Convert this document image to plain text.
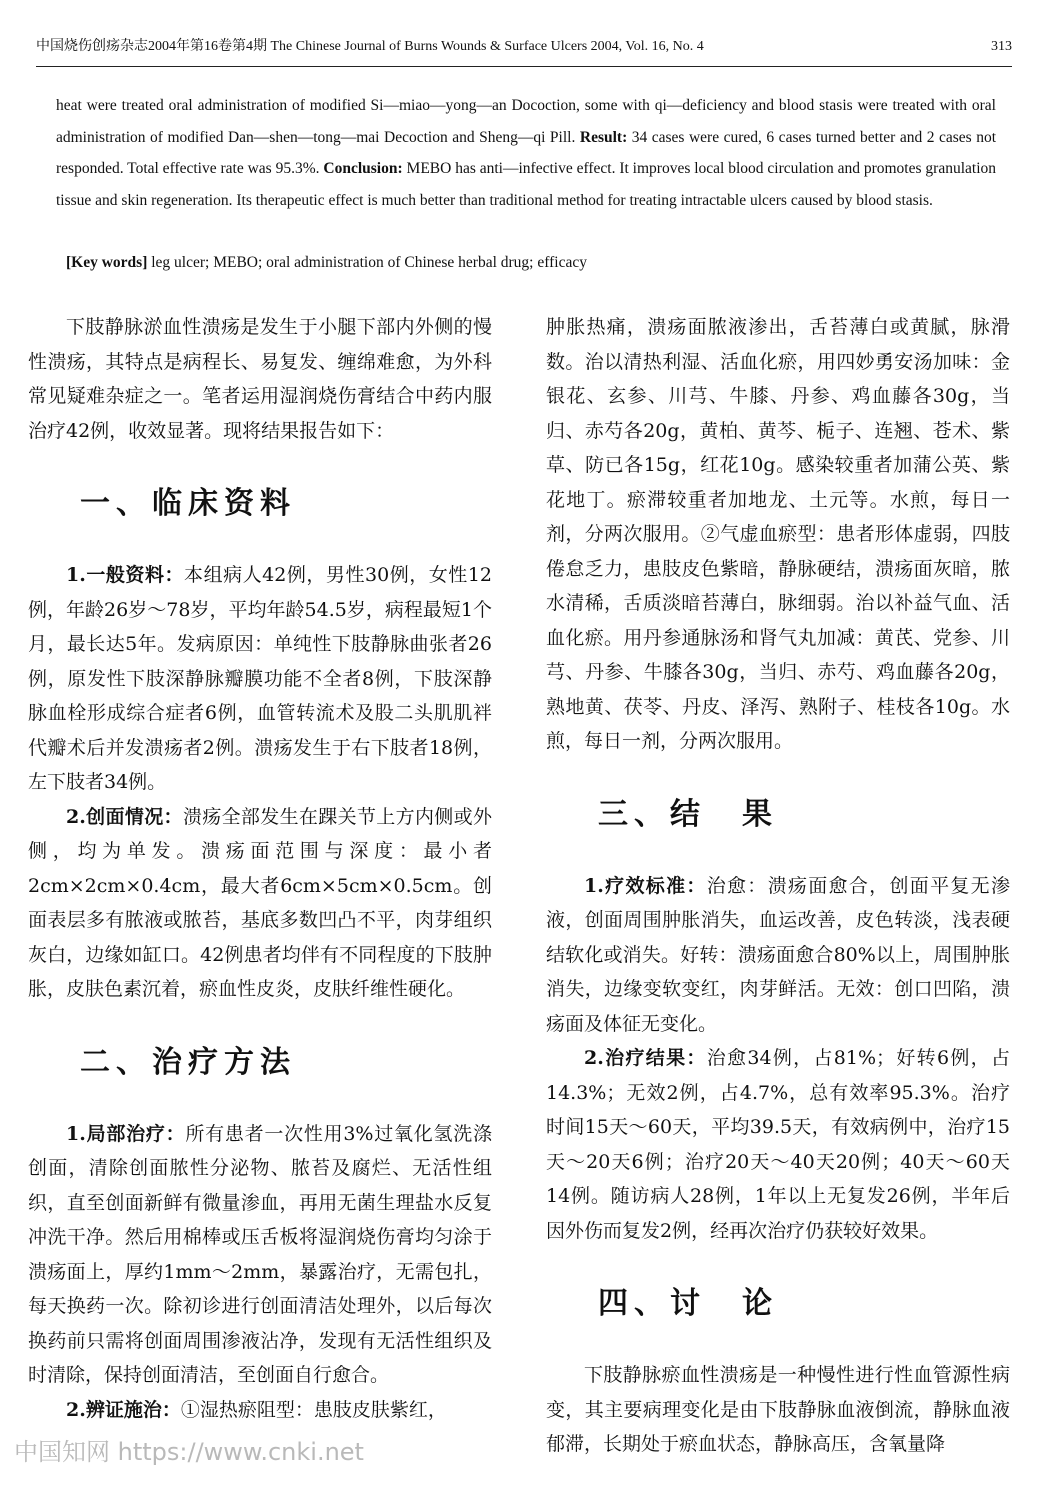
中国烧伤创疡杂志2004年第16卷第4期 The Chinese Journal of Burns Wounds & Surface Ulcers 2004, Vol. 16, No. 4	313
heat were treated oral administration of modified Si—miao—yong—an Docoction, some with qi—deficiency and blood stasis were treated with oral administration of modified Dan—shen—tong—mai Decoction and Sheng—qi Pill. Result: 34 cases were cured, 6 cases turned better and 2 cases not responded. Total effective rate was 95.3%. Conclusion: MEBO has anti—infective effect. It improves local blood circulation and promotes granulation tissue and skin regeneration. Its therapeutic effect is much better than traditional method for treating intractable ulcers caused by blood stasis.
[Key words] leg ulcer; MEBO; oral administration of Chinese herbal drug; efficacy

下肢静脉淤血性溃疡是发生于小腿下部内外侧的慢性溃疡，其特点是病程长、易复发、缠绵难愈，为外科常见疑难杂症之一。笔者运用湿润烧伤膏结合中药内服治疗42例，收效显著。现将结果报告如下：

一、临床资料

1.一般资料：本组病人42例，男性30例，女性12例，年龄26岁～78岁，平均年龄54.5岁，病程最短1个月，最长达5年。发病原因：单纯性下肢静脉曲张者26例，原发性下肢深静脉瓣膜功能不全者8例，下肢深静脉血栓形成综合症者6例，血管转流术及股二头肌肌袢代瓣术后并发溃疡者2例。溃疡发生于右下肢者18例，左下肢者34例。

2.创面情况：溃疡全部发生在踝关节上方内侧或外侧，均为单发。溃疡面范围与深度：最小者2cm×2cm×0.4cm，最大者6cm×5cm×0.5cm。创面表层多有脓液或脓苔，基底多数凹凸不平，肉芽组织灰白，边缘如缸口。42例患者均伴有不同程度的下肢肿胀，皮肤色素沉着，瘀血性皮炎，皮肤纤维性硬化。

二、治疗方法

1.局部治疗：所有患者一次性用3%过氧化氢洗涤创面，清除创面脓性分泌物、脓苔及腐烂、无活性组织，直至创面新鲜有微量渗血，再用无菌生理盐水反复冲洗干净。然后用棉棒或压舌板将湿润烧伤膏均匀涂于溃疡面上，厚约1mm～2mm，暴露治疗，无需包扎，每天换药一次。除初诊进行创面清洁处理外，以后每次换药前只需将创面周围渗液沾净，发现有无活性组织及时清除，保持创面清洁，至创面自行愈合。

2.辨证施治：①湿热瘀阻型：患肢皮肤紫红，

肿胀热痛，溃疡面脓液渗出，舌苔薄白或黄腻，脉滑数。治以清热利湿、活血化瘀，用四妙勇安汤加味：金银花、玄参、川芎、牛膝、丹参、鸡血藤各30g，当归、赤芍各20g，黄柏、黄芩、栀子、连翘、苍术、紫草、防已各15g，红花10g。感染较重者加蒲公英、紫花地丁。瘀滞较重者加地龙、土元等。水煎，每日一剂，分两次服用。②气虚血瘀型：患者形体虚弱，四肢倦怠乏力，患肢皮色紫暗，静脉硬结，溃疡面灰暗，脓水清稀，舌质淡暗苔薄白，脉细弱。治以补益气血、活血化瘀。用丹参通脉汤和肾气丸加减：黄芪、党参、川芎、丹参、牛膝各30g，当归、赤芍、鸡血藤各20g，熟地黄、茯苓、丹皮、泽泻、熟附子、桂枝各10g。水煎，每日一剂，分两次服用。

三、结　果

1.疗效标准：治愈：溃疡面愈合，创面平复无渗液，创面周围肿胀消失，血运改善，皮色转淡，浅表硬结软化或消失。好转：溃疡面愈合80%以上，周围肿胀消失，边缘变软变红，肉芽鲜活。无效：创口凹陷，溃疡面及体征无变化。

2.治疗结果：治愈34例，占81%；好转6例，占14.3%；无效2例，占4.7%，总有效率95.3%。治疗时间15天～60天，平均39.5天，有效病例中，治疗15天～20天6例；治疗20天～40天20例；40天～60天14例。随访病人28例，1年以上无复发26例，半年后因外伤而复发2例，经再次治疗仍获较好效果。

四、讨　论

下肢静脉瘀血性溃疡是一种慢性进行性血管源性病变，其主要病理变化是由下肢静脉血液倒流，静脉血液郁滞，长期处于瘀血状态，静脉高压，含氧量降

中国知网 https://www.cnki.net
